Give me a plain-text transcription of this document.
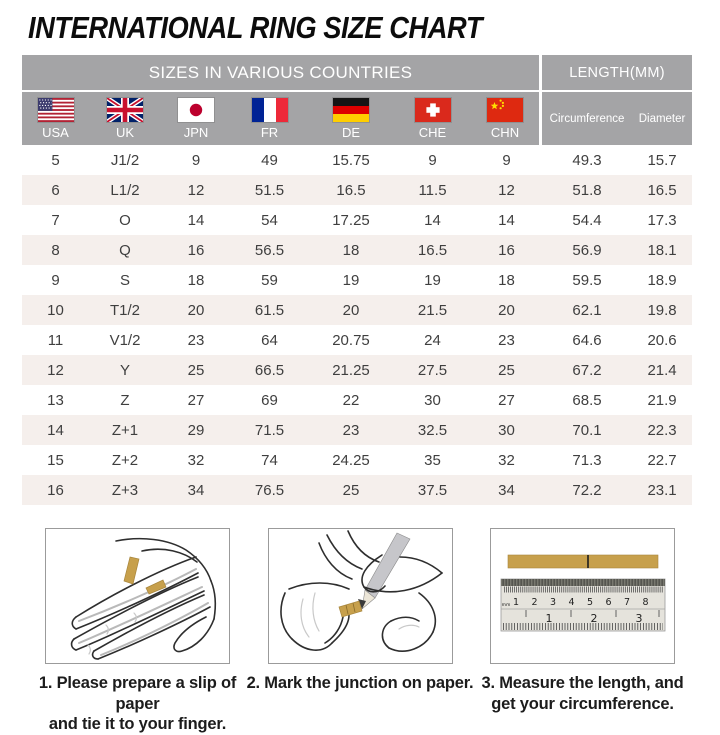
INTERNATIONAL RING SIZE CHART
SIZES IN VARIOUS COUNTRIES							LENGTH(MM)	

USA	UK	JPN	FR	DE	CHE	CHN	Circumference	Diameter
5	J1/2	9	49	15.75	9	9	49.3	15.7
6	L1/2	12	51.5	16.5	11.5	12	51.8	16.5
7	O	14	54	17.25	14	14	54.4	17.3
8	Q	16	56.5	18	16.5	16	56.9	18.1
9	S	18	59	19	19	18	59.5	18.9
10	T1/2	20	61.5	20	21.5	20	62.1	19.8
11	V1/2	23	64	20.75	24	23	64.6	20.6
12	Y	25	66.5	21.25	27.5	25	67.2	21.4
13	Z	27	69	22	30	27	68.5	21.9
14	Z+1	29	71.5	23	32.5	30	70.1	22.3
15	Z+2	32	74	24.25	35	32	71.3	22.7
16	Z+3	34	76.5	25	37.5	34	72.2	23.1
1. Please prepare a slip of paper
and tie it to your finger.
2. Mark the junction on paper.
1 2 3 4 5 6 7 8
mm
1	2	3
3. Measure the length, and
get your circumference.
